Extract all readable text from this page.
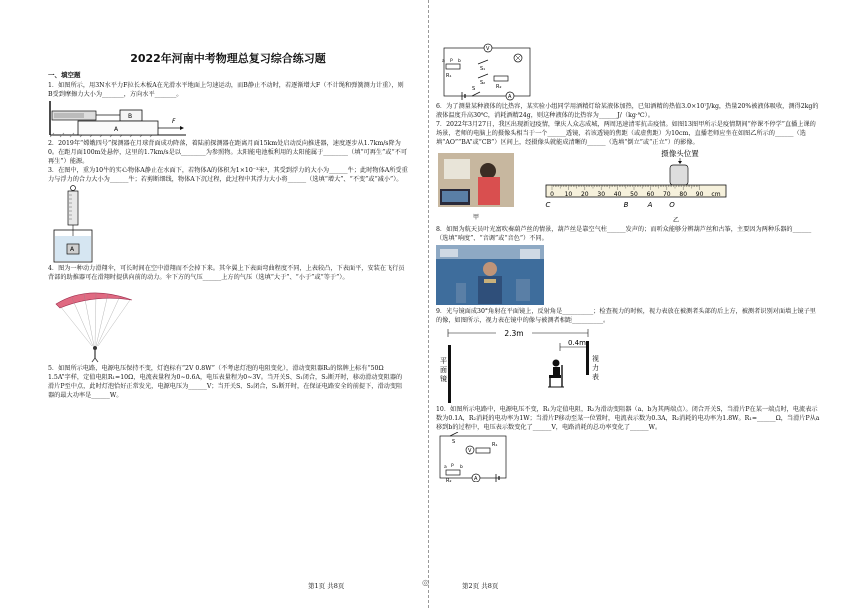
2022年河南中考物理总复习综合练习题
一、填空题

1．如图所示，用3N水平力F拉长木板A在光滑水平地面上匀速运动，而B静止不动时，若逐渐增大F（不计绳和弹簧测力计重），则B受到摩擦力大小为_______，方向水平_______。

B
A
F

2．2019年“嫦娥四号”探测器在月球背面成功降落，着陆前探测器在距离月面15km处启动反向推进器，速度逐步从1.7km/s降为0。在距月面100m处悬停，这里的1.7km/s是以________为参照物。太阳能电池板利用的太阳能属于________（填“可再生”或“不可再生”）能源。

3．在图中，重为10牛的实心物体A静止在水面下，若物体A的体积为1×10⁻³米³，其受到浮力的大小为______牛；此时物体A所受重力与浮力的合力大小为______牛；若剪断细线，物体A下沉过程，此过程中其浮力大小将______（选填“增大”、“不变”或“减小”）。

A

4．图为一种动力滑翔伞，可长时间在空中滑翔而不会掉下来。其伞翼上下表面弯曲程度不同，上表较凸，下表面平，安装在飞行员背部的助推器可在滑翔时提供向前的动力。伞下方的气压______上方的气压（选填“大于”、“小于”或“等于”）。

5．如图所示电路，电源电压保持不变，灯泡标有“2V 0.8W”（不考虑灯泡的电阻变化），滑动变阻器R₂的铭牌上标有“50Ω 1.5A”字样，定值电阻R₁=10Ω，电流表量程为0~0.6A，电压表量程为0~3V。当开关S、S₁闭合，S₂断开时，移动滑动变阻器的滑片P至中点，此时灯泡恰好正常发光，电源电压为______V；当开关S、S₂闭合，S₁断开时，在保证电路安全的前提下，滑动变阻器的最大功率是______W。

V
R₁
a	b
P
S₁
S₂
R₂
S
A

6．为了测量某种液体的比热容，某实验小组同学用酒精灯给某液体加热，已知酒精的热值3.0×10⁷J/kg，热量20%被液体吸收，测得2kg的液体温度升高30℃，消耗酒精24g，则这种液体的比热容为______J/（kg·℃）。

7．2022年3月27日，我区出现新冠疫情，肇庆人众志成城，两周迅速清零抗击疫情。如图13图甲所示是疫情期间“停课不停学”直播上课的场景，老师的电脑上的摄像头相当于一个______透镜，若该透镜的焦距（或虚焦距）为10cm，直播老师应坐在如图乙所示的______（选填“AO”“BA”或“CB”）区间上，经摄像头就能成清晰的______（选填“倒立”或“正立”）的影像。

甲
摄像头位置
0 10 20 30 40 50 60 70 80 90 cm
C	B	A O
乙

8．如图为航天员叶光富吹奏葫芦丝的情景，葫芦丝是靠空气柱______发声的；而听众能够分辨葫芦丝和古筝，主要因为两种乐器的______（选填“响度”、“音调”或“音色”）不同。

9．光与镜面成30°角射在平面镜上，反射角是__________；检查视力的时候，视力表放在被测者头部的后上方，被测者识别对面墙上镜子里的像，如图所示，视力表在镜中的像与被测者相距__________。

2.3m
0.4m
平
面
镜
视
力
表

10．如图所示电路中，电源电压不变，R₁为定值电阻，R₂为滑动变阻器（a、b为其两端点）。闭合开关S，当滑片P在某一端点时，电流表示数为0.1A，R₂消耗的电功率为1W；当滑片P移动至某一位置时，电流表示数为0.3A，R₂消耗的电功率为1.8W。R₁=______Ω，当滑片P从a移到b的过程中，电压表示数变化了______V，电路消耗的总功率变化了______W。

S	R₁
V
a	b
P
R₂	A
第1页 共8页	◎	第2页 共8页
